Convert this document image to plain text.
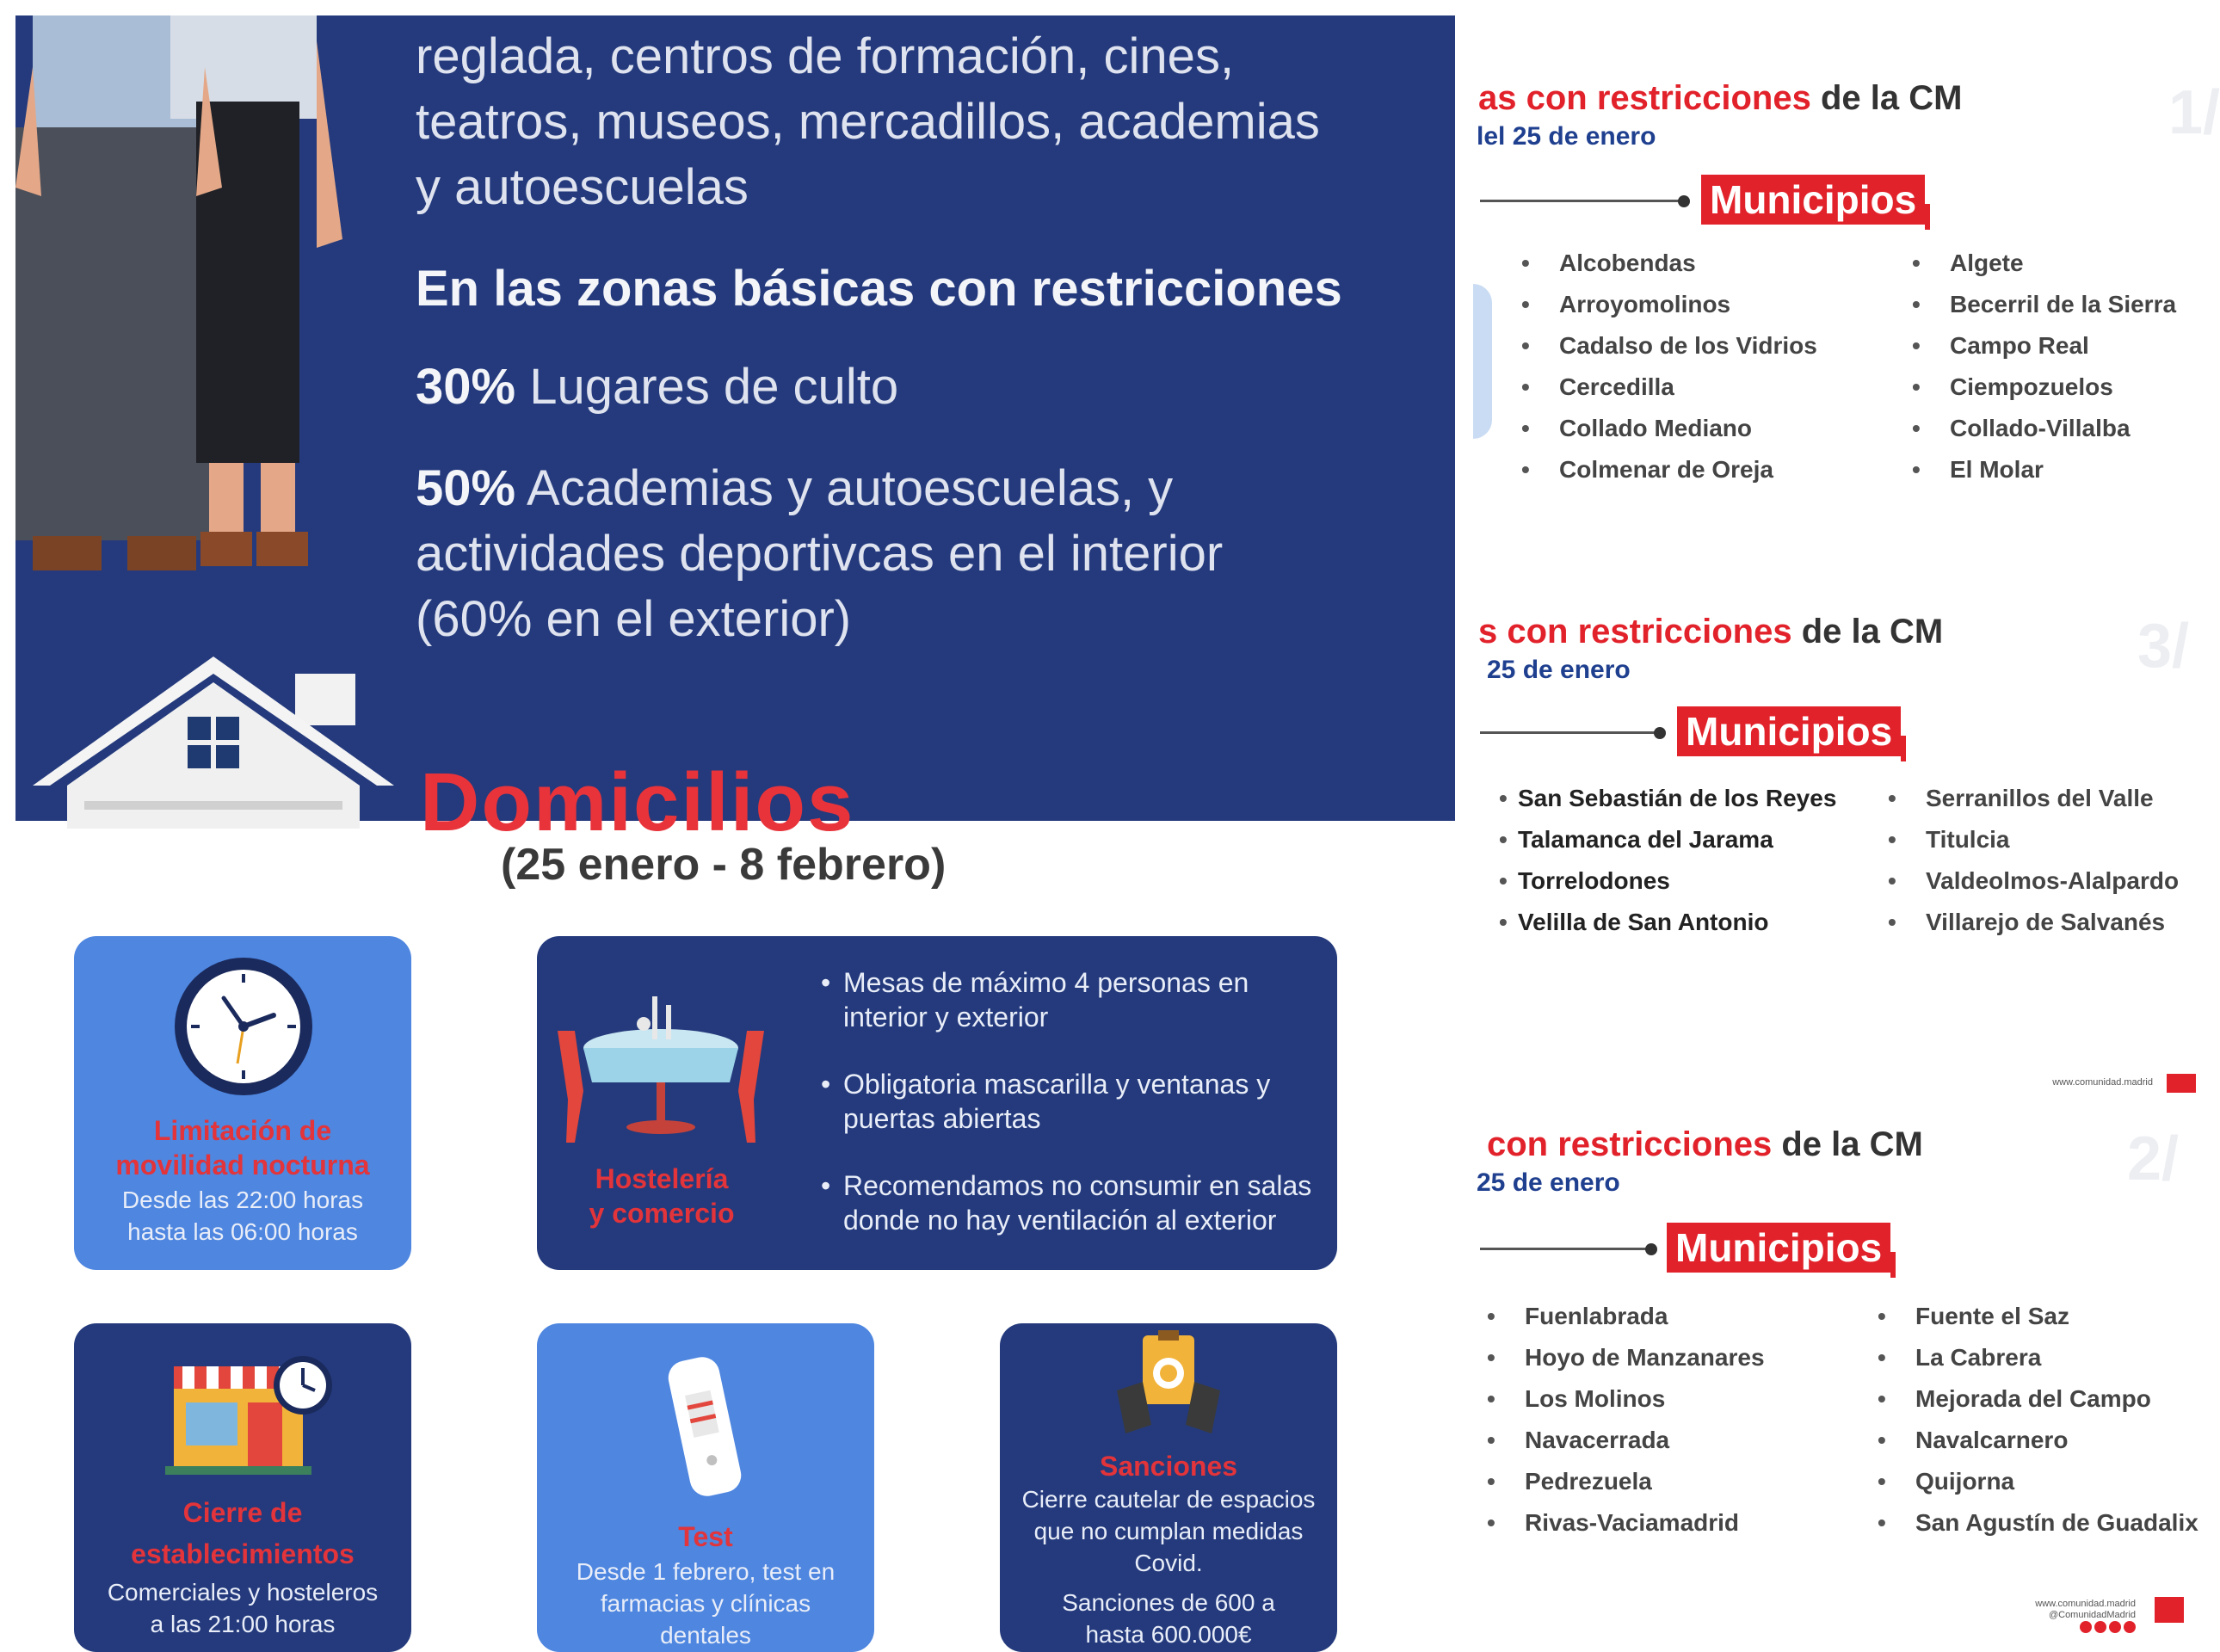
reglada, centros de formación, cines,
teatros, museos, mercadillos, academias
y autoescuelas
En las zonas básicas con restricciones
30% Lugares de culto
50% Academias y autoescuelas, y
actividades deportivcas en el interior
(60% en el exterior)
Domicilios
(25 enero - 8 febrero)
Limitación de
movilidad nocturna
Desde las 22:00 horas
hasta las 06:00 horas
Hostelería
y comercio
• Mesas de máximo 4 personas en
interior y exterior
• Obligatoria mascarilla y ventanas y
puertas abiertas
• Recomendamos no consumir en salas
donde no hay ventilación al exterior
Cierre de
establecimientos
Comerciales y hosteleros
a las 21:00 horas
Test
Desde 1 febrero, test en
farmacias y clínicas
dentales
Sanciones
Cierre cautelar de espacios
que no cumplan medidas
Covid.
Sanciones de 600 a
hasta 600.000€
as con restricciones de la CM
lel 25 de enero	1/
Municipios
• Alcobendas
• Arroyomolinos
• Cadalso de los Vidrios
• Cercedilla
• Collado Mediano
• Colmenar de Oreja
• Algete
• Becerril de la Sierra
• Campo Real
• Ciempozuelos
• Collado-Villalba
• El Molar
s con restricciones de la CM
25 de enero	3/
Municipios
• San Sebastián de los Reyes
• Talamanca del Jarama
• Torrelodones
• Velilla de San Antonio
• Serranillos del Valle
• Titulcia
• Valdeolmos-Alalpardo
• Villarejo de Salvanés
www.comunidad.madrid
con restricciones de la CM
25 de enero	2/
Municipios
• Fuenlabrada
• Hoyo de Manzanares
• Los Molinos
• Navacerrada
• Pedrezuela
• Rivas-Vaciamadrid
• Fuente el Saz
• La Cabrera
• Mejorada del Campo
• Navalcarnero
• Quijorna
• San Agustín de Guadalix
www.comunidad.madrid
@ComunidadMadrid
